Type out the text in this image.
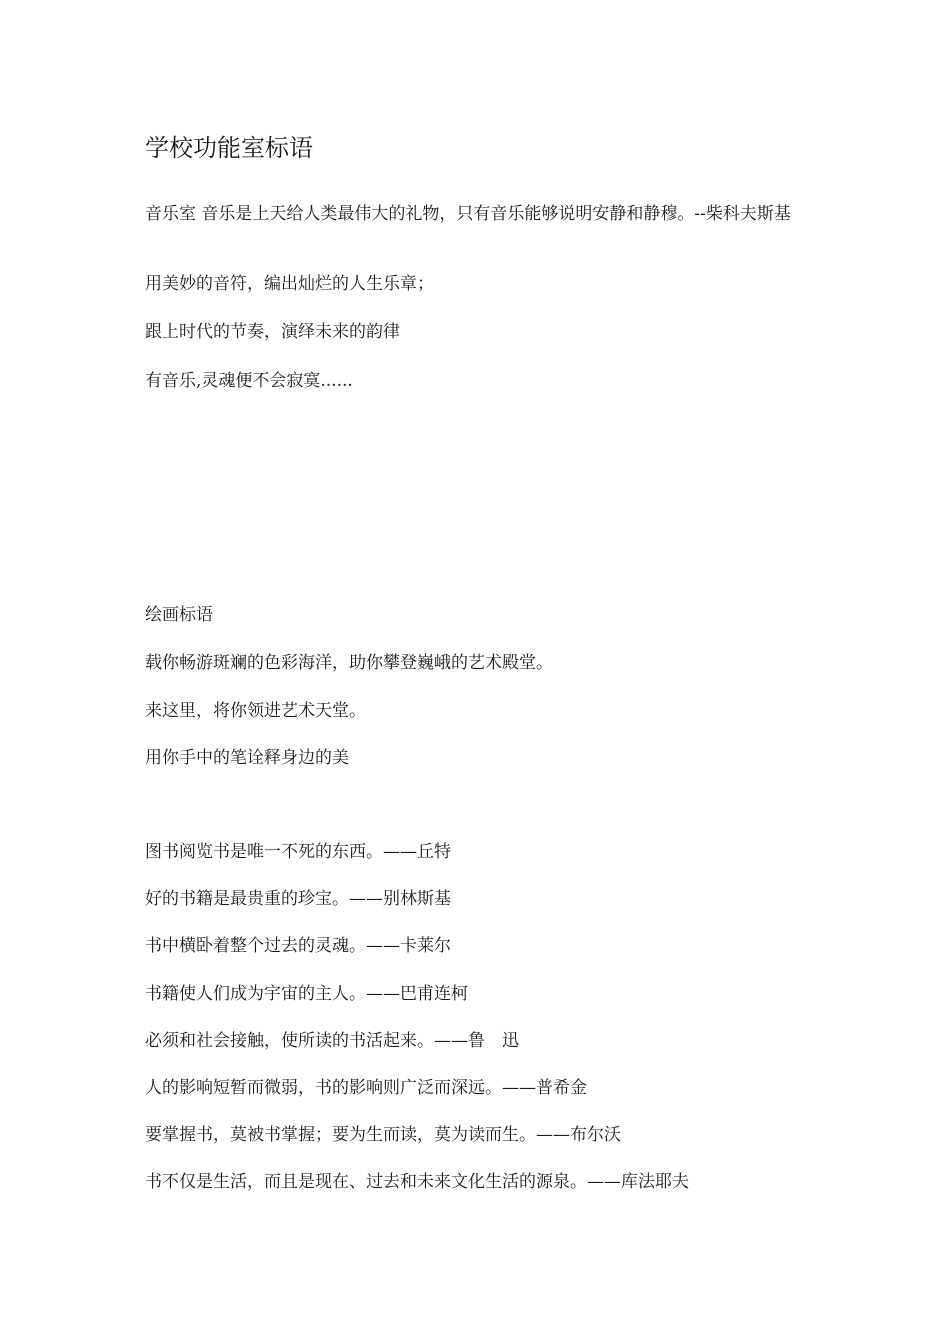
学校功能室标语
音乐室 音乐是上天给人类最伟大的礼物，只有音乐能够说明安静和静穆。--柴科夫斯基
用美妙的音符，编出灿烂的人生乐章；
跟上时代的节奏，演绎未来的韵律
有音乐,灵魂便不会寂寞......
绘画标语
载你畅游斑斓的色彩海洋，助你攀登巍峨的艺术殿堂。
来这里，将你领进艺术天堂。
用你手中的笔诠释身边的美
图书阅览书是唯一不死的东西。——丘特
好的书籍是最贵重的珍宝。——别林斯基
书中横卧着整个过去的灵魂。——卡莱尔
书籍使人们成为宇宙的主人。——巴甫连柯
必须和社会接触，使所读的书活起来。——鲁　迅
人的影响短暂而微弱，书的影响则广泛而深远。——普希金
要掌握书，莫被书掌握；要为生而读，莫为读而生。——布尔沃
书不仅是生活，而且是现在、过去和未来文化生活的源泉。——库法耶夫
